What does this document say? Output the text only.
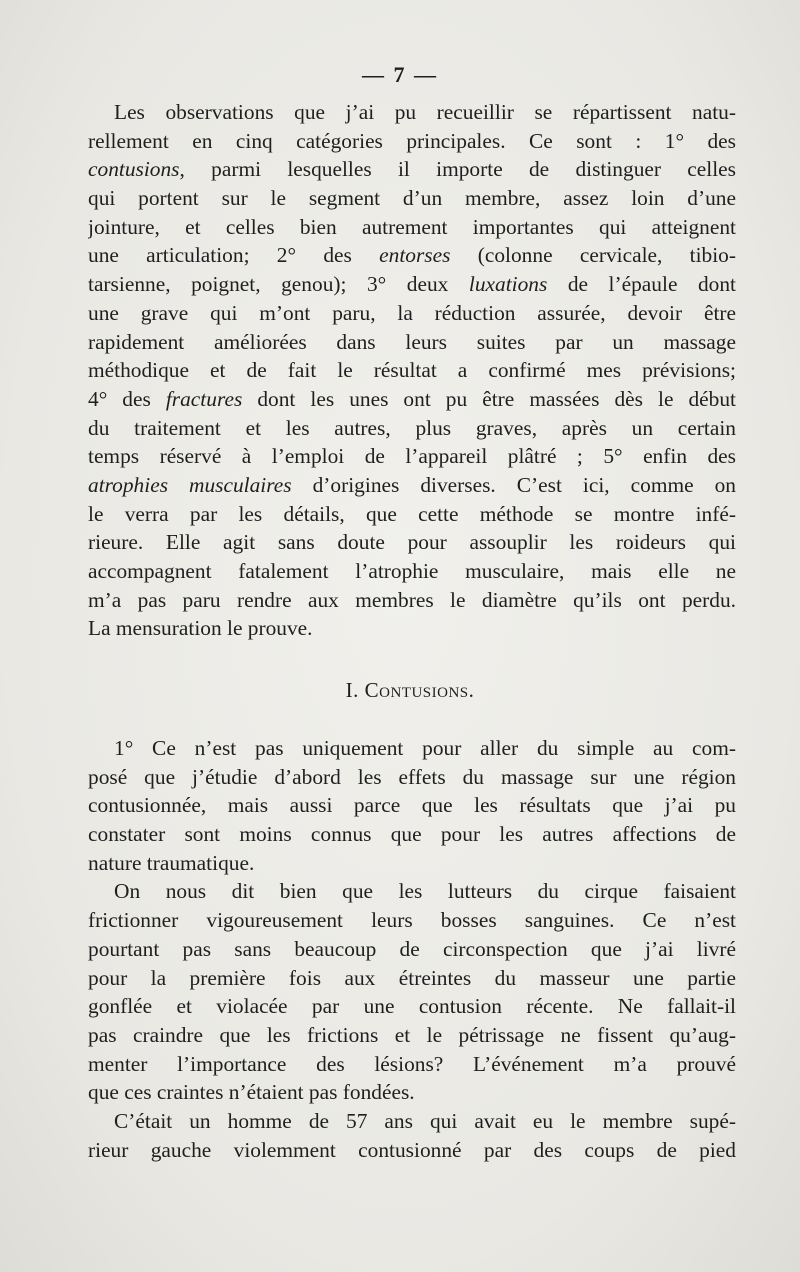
— 7 —
Les observations que j’ai pu recueillir se répartissent natu-
rellement en cinq catégories principales. Ce sont : 1° des
contusions, parmi lesquelles il importe de distinguer celles
qui portent sur le segment d’un membre, assez loin d’une
jointure, et celles bien autrement importantes qui atteignent
une articulation; 2° des entorses (colonne cervicale, tibio-
tarsienne, poignet, genou); 3° deux luxations de l’épaule dont
une grave qui m’ont paru, la réduction assurée, devoir être
rapidement améliorées dans leurs suites par un massage
méthodique et de fait le résultat a confirmé mes prévisions;
4° des fractures dont les unes ont pu être massées dès le début
du traitement et les autres, plus graves, après un certain
temps réservé à l’emploi de l’appareil plâtré ; 5° enfin des
atrophies musculaires d’origines diverses. C’est ici, comme on
le verra par les détails, que cette méthode se montre infé-
rieure. Elle agit sans doute pour assouplir les roideurs qui
accompagnent fatalement l’atrophie musculaire, mais elle ne
m’a pas paru rendre aux membres le diamètre qu’ils ont perdu.
La mensuration le prouve.
I. Contusions.
1° Ce n’est pas uniquement pour aller du simple au com-
posé que j’étudie d’abord les effets du massage sur une région
contusionnée, mais aussi parce que les résultats que j’ai pu
constater sont moins connus que pour les autres affections de
nature traumatique.
On nous dit bien que les lutteurs du cirque faisaient
frictionner vigoureusement leurs bosses sanguines. Ce n’est
pourtant pas sans beaucoup de circonspection que j’ai livré
pour la première fois aux étreintes du masseur une partie
gonflée et violacée par une contusion récente. Ne fallait-il
pas craindre que les frictions et le pétrissage ne fissent qu’aug-
menter l’importance des lésions? L’événement m’a prouvé
que ces craintes n’étaient pas fondées.
C’était un homme de 57 ans qui avait eu le membre supé-
rieur gauche violemment contusionné par des coups de pied
